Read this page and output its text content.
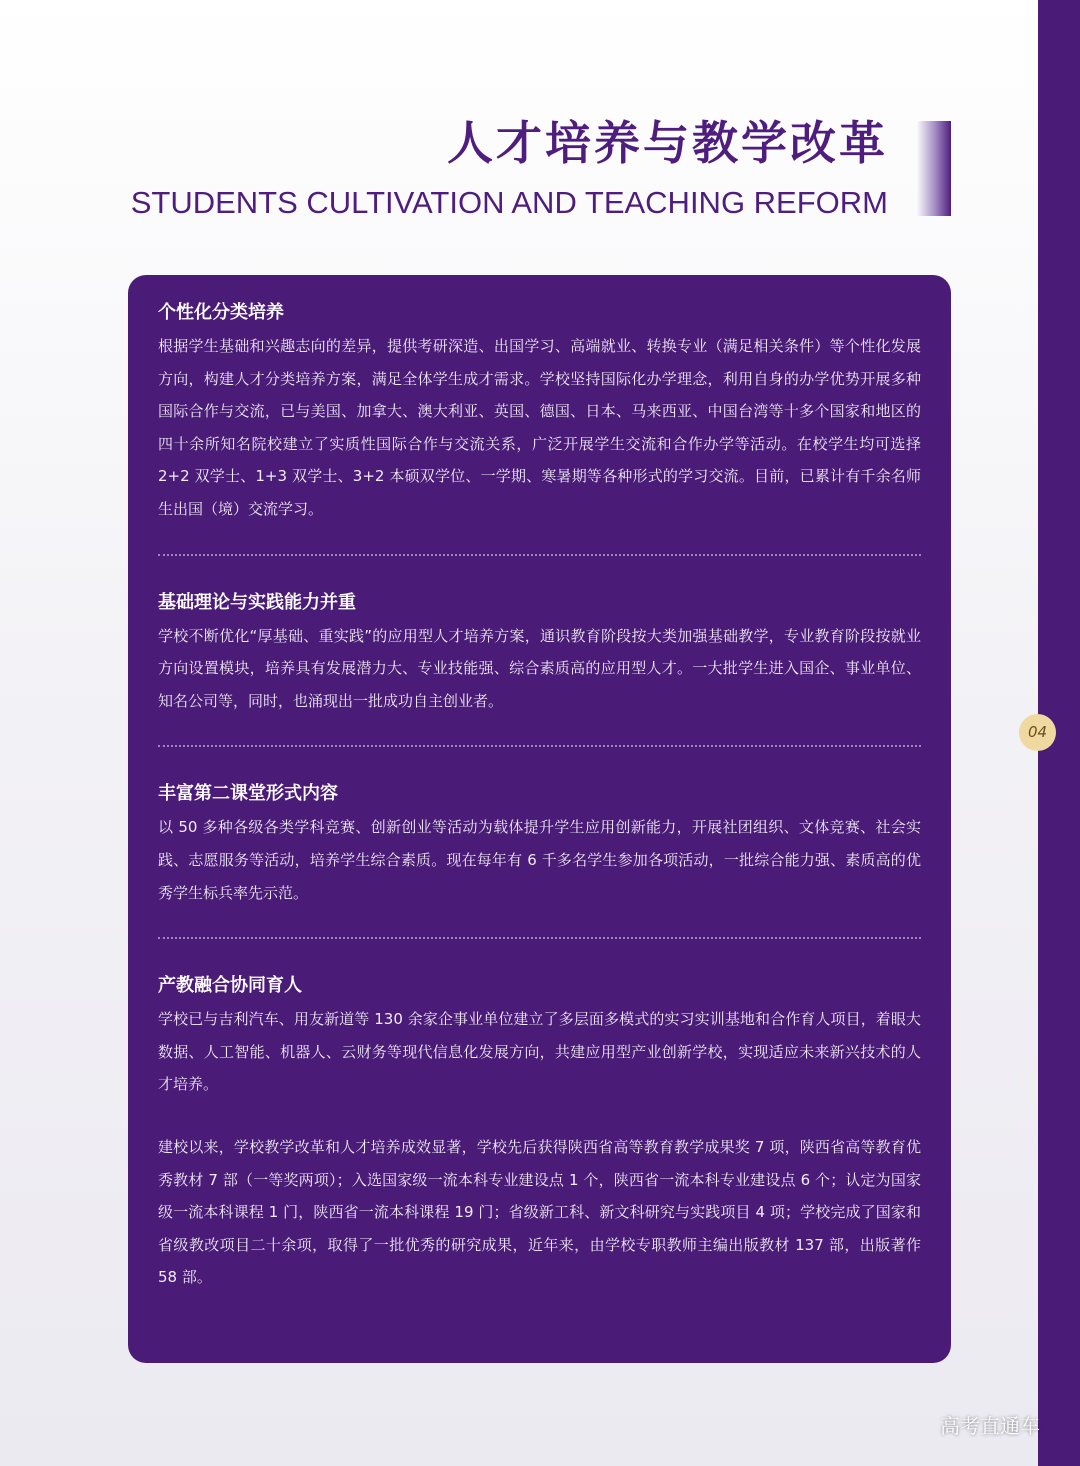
人才培养与教学改革
STUDENTS CULTIVATION AND TEACHING REFORM
个性化分类培养

根据学生基础和兴趣志向的差异，提供考研深造、出国学习、高端就业、转换专业（满足相关条件）等个性化发展方向，构建人才分类培养方案，满足全体学生成才需求。学校坚持国际化办学理念，利用自身的办学优势开展多种国际合作与交流，已与美国、加拿大、澳大利亚、英国、德国、日本、马来西亚、中国台湾等十多个国家和地区的四十余所知名院校建立了实质性国际合作与交流关系，广泛开展学生交流和合作办学等活动。在校学生均可选择 2+2 双学士、1+3 双学士、3+2 本硕双学位、一学期、寒暑期等各种形式的学习交流。目前，已累计有千余名师生出国（境）交流学习。

基础理论与实践能力并重

学校不断优化“厚基础、重实践”的应用型人才培养方案，通识教育阶段按大类加强基础教学，专业教育阶段按就业方向设置模块，培养具有发展潜力大、专业技能强、综合素质高的应用型人才。一大批学生进入国企、事业单位、知名公司等，同时，也涌现出一批成功自主创业者。

丰富第二课堂形式内容

以 50 多种各级各类学科竞赛、创新创业等活动为载体提升学生应用创新能力，开展社团组织、文体竞赛、社会实践、志愿服务等活动，培养学生综合素质。现在每年有 6 千多名学生参加各项活动，一批综合能力强、素质高的优秀学生标兵率先示范。

产教融合协同育人

学校已与吉利汽车、用友新道等 130 余家企事业单位建立了多层面多模式的实习实训基地和合作育人项目，着眼大数据、人工智能、机器人、云财务等现代信息化发展方向，共建应用型产业创新学校，实现适应未来新兴技术的人才培养。

建校以来，学校教学改革和人才培养成效显著，学校先后获得陕西省高等教育教学成果奖 7 项，陕西省高等教育优秀教材 7 部（一等奖两项）；入选国家级一流本科专业建设点 1 个，陕西省一流本科专业建设点 6 个；认定为国家级一流本科课程 1 门，陕西省一流本科课程 19 门；省级新工科、新文科研究与实践项目 4 项；学校完成了国家和省级教改项目二十余项，取得了一批优秀的研究成果，近年来，由学校专职教师主编出版教材 137 部，出版著作 58 部。

04
高考直通车
